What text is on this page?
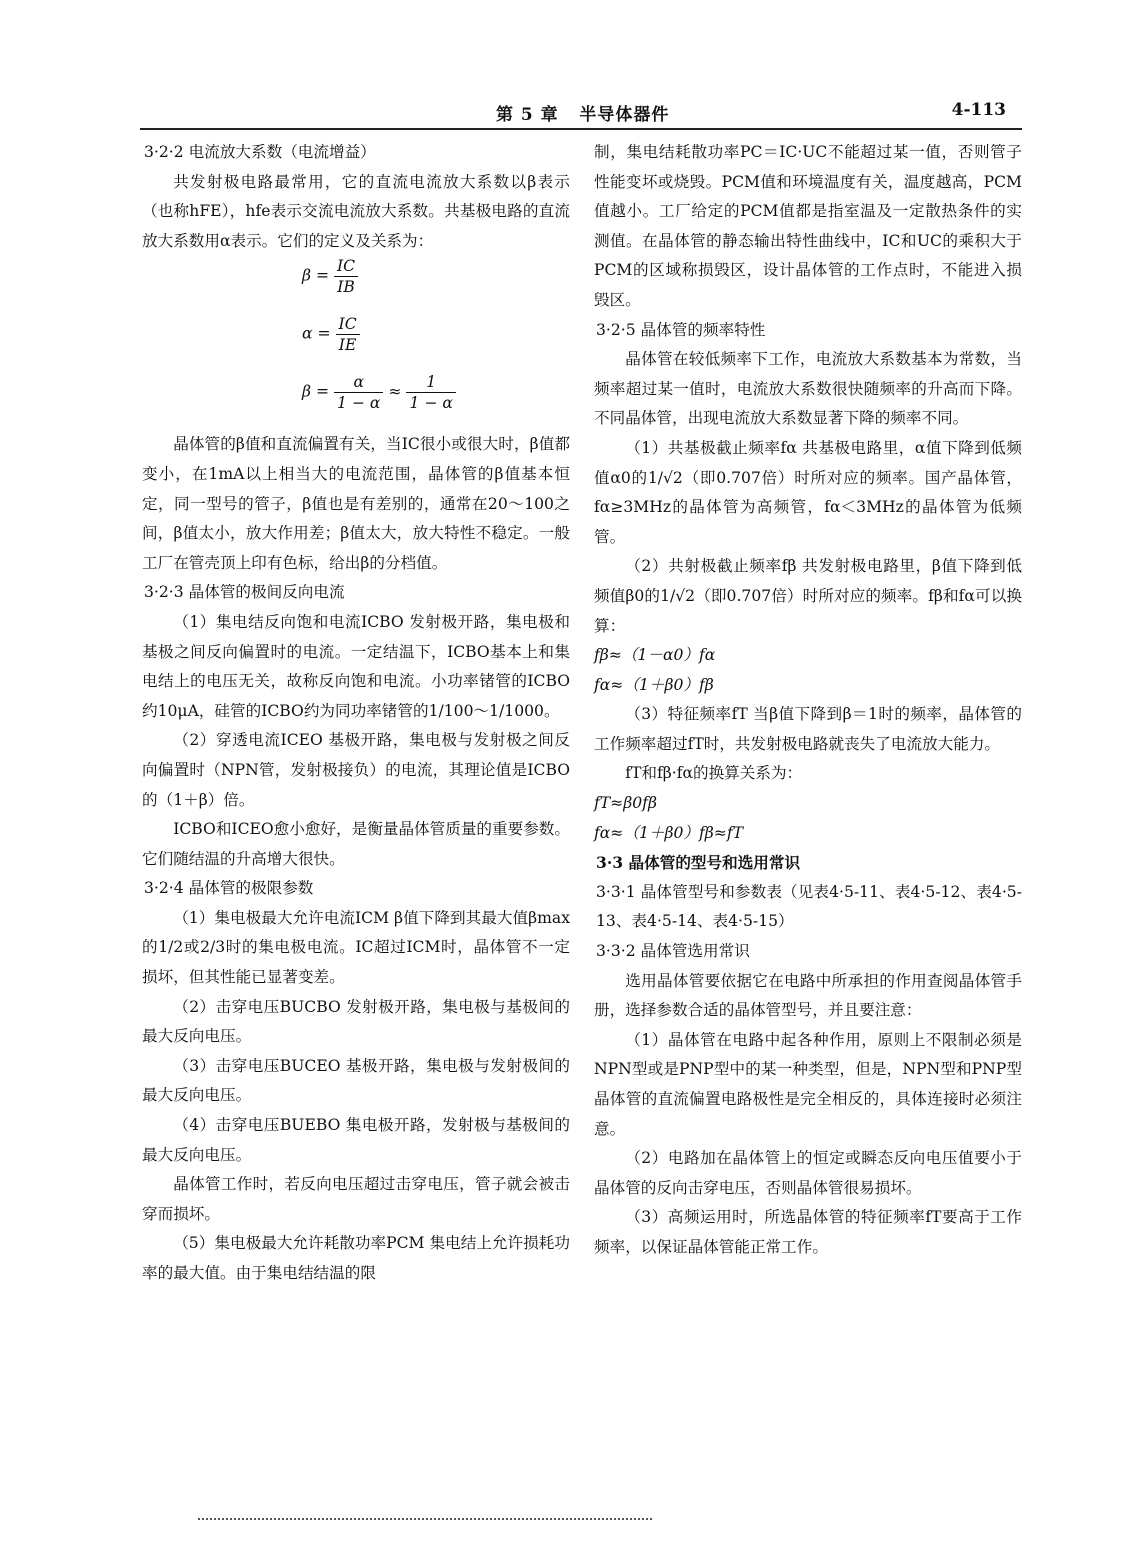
第 5 章   半导体器件	4-113

3·2·2 电流放大系数（电流增益）

共发射极电路最常用，它的直流电流放大系数以β表示（也称hFE），hfe表示交流电流放大系数。共基极电路的直流放大系数用α表示。它们的定义及关系为：

$\beta = \frac{IC}{IB}$
$\alpha = \frac{IC}{IE}$
$\beta = \frac{\alpha}{1 - \alpha} \approx \frac{1}{1 - \alpha}$

晶体管的β值和直流偏置有关，当IC很小或很大时，β值都变小，在1mA以上相当大的电流范围，晶体管的β值基本恒定，同一型号的管子，β值也是有差别的，通常在20～100之间，β值太小，放大作用差；β值太大，放大特性不稳定。一般工厂在管壳顶上印有色标，给出β的分档值。

3·2·3 晶体管的极间反向电流

（1）集电结反向饱和电流ICBO 发射极开路，集电极和基极之间反向偏置时的电流。一定结温下，ICBO基本上和集电结上的电压无关，故称反向饱和电流。小功率锗管的ICBO约10μA，硅管的ICBO约为同功率锗管的1/100～1/1000。

（2）穿透电流ICEO 基极开路，集电极与发射极之间反向偏置时（NPN管，发射极接负）的电流，其理论值是ICBO的（1＋β）倍。

ICBO和ICEO愈小愈好，是衡量晶体管质量的重要参数。它们随结温的升高增大很快。

3·2·4 晶体管的极限参数

（1）集电极最大允许电流ICM β值下降到其最大值βmax的1/2或2/3时的集电极电流。IC超过ICM时，晶体管不一定损坏，但其性能已显著变差。

（2）击穿电压BUCBO 发射极开路，集电极与基极间的最大反向电压。

（3）击穿电压BUCEO 基极开路，集电极与发射极间的最大反向电压。

（4）击穿电压BUEBO 集电极开路，发射极与基极间的最大反向电压。

晶体管工作时，若反向电压超过击穿电压，管子就会被击穿而损坏。

（5）集电极最大允许耗散功率PCM 集电结上允许损耗功率的最大值。由于集电结结温的限

制，集电结耗散功率PC＝IC·UC不能超过某一值，否则管子性能变坏或烧毁。PCM值和环境温度有关，温度越高，PCM值越小。工厂给定的PCM值都是指室温及一定散热条件的实测值。在晶体管的静态输出特性曲线中，IC和UC的乘积大于PCM的区域称损毁区，设计晶体管的工作点时，不能进入损毁区。

3·2·5 晶体管的频率特性

晶体管在较低频率下工作，电流放大系数基本为常数，当频率超过某一值时，电流放大系数很快随频率的升高而下降。不同晶体管，出现电流放大系数显著下降的频率不同。

（1）共基极截止频率fα 共基极电路里，α值下降到低频值α0的1/√2（即0.707倍）时所对应的频率。国产晶体管，fα≥3MHz的晶体管为高频管，fα＜3MHz的晶体管为低频管。

（2）共射极截止频率fβ 共发射极电路里，β值下降到低频值β0的1/√2（即0.707倍）时所对应的频率。fβ和fα可以换算：

fβ≈（1－α0）fα

fα≈（1＋β0）fβ

（3）特征频率fT 当β值下降到β＝1时的频率，晶体管的工作频率超过fT时，共发射极电路就丧失了电流放大能力。

fT和fβ·fα的换算关系为：

fT≈β0fβ

fα≈（1＋β0）fβ≈fT

3·3 晶体管的型号和选用常识

3·3·1 晶体管型号和参数表（见表4·5-11、表4·5-12、表4·5-13、表4·5-14、表4·5-15）

3·3·2 晶体管选用常识

选用晶体管要依据它在电路中所承担的作用查阅晶体管手册，选择参数合适的晶体管型号，并且要注意：

（1）晶体管在电路中起各种作用，原则上不限制必须是NPN型或是PNP型中的某一种类型，但是，NPN型和PNP型晶体管的直流偏置电路极性是完全相反的，具体连接时必须注意。

（2）电路加在晶体管上的恒定或瞬态反向电压值要小于晶体管的反向击穿电压，否则晶体管很易损坏。

（3）高频运用时，所选晶体管的特征频率fT要高于工作频率，以保证晶体管能正常工作。
